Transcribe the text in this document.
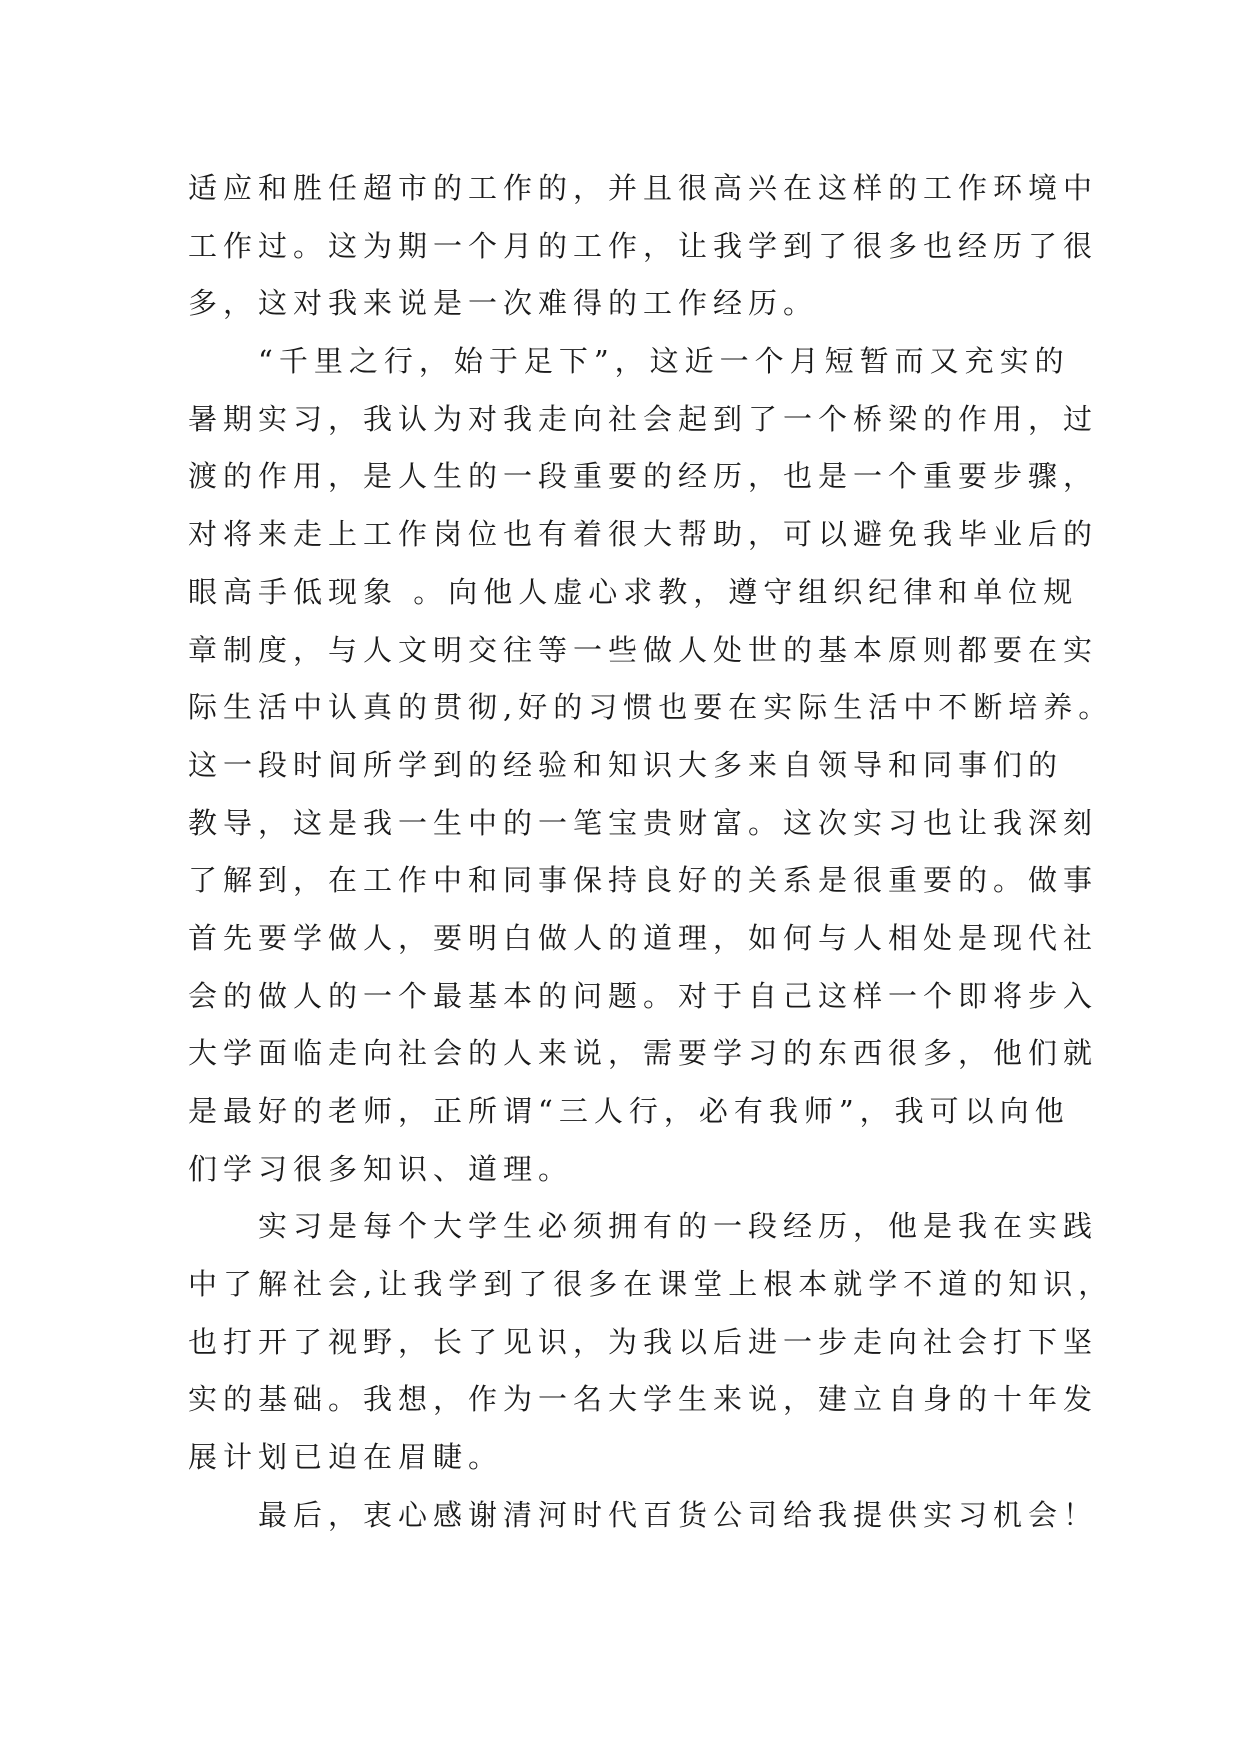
适应和胜任超市的工作的，并且很高兴在这样的工作环境中
工作过。这为期一个月的工作，让我学到了很多也经历了很
多，这对我来说是一次难得的工作经历。
“千里之行，始于足下”，这近一个月短暂而又充实的
暑期实习，我认为对我走向社会起到了一个桥梁的作用，过
渡的作用，是人生的一段重要的经历，也是一个重要步骤，
对将来走上工作岗位也有着很大帮助，可以避免我毕业后的
眼高手低现象 。向他人虚心求教，遵守组织纪律和单位规
章制度，与人文明交往等一些做人处世的基本原则都要在实
际生活中认真的贯彻,好的习惯也要在实际生活中不断培养。
这一段时间所学到的经验和知识大多来自领导和同事们的
教导，这是我一生中的一笔宝贵财富。这次实习也让我深刻
了解到，在工作中和同事保持良好的关系是很重要的。做事
首先要学做人，要明白做人的道理，如何与人相处是现代社
会的做人的一个最基本的问题。对于自己这样一个即将步入
大学面临走向社会的人来说，需要学习的东西很多，他们就
是最好的老师，正所谓“三人行，必有我师”，我可以向他
们学习很多知识、道理。
实习是每个大学生必须拥有的一段经历，他是我在实践
中了解社会,让我学到了很多在课堂上根本就学不道的知识，
也打开了视野，长了见识，为我以后进一步走向社会打下坚
实的基础。我想，作为一名大学生来说，建立自身的十年发
展计划已迫在眉睫。
最后，衷心感谢清河时代百货公司给我提供实习机会！
